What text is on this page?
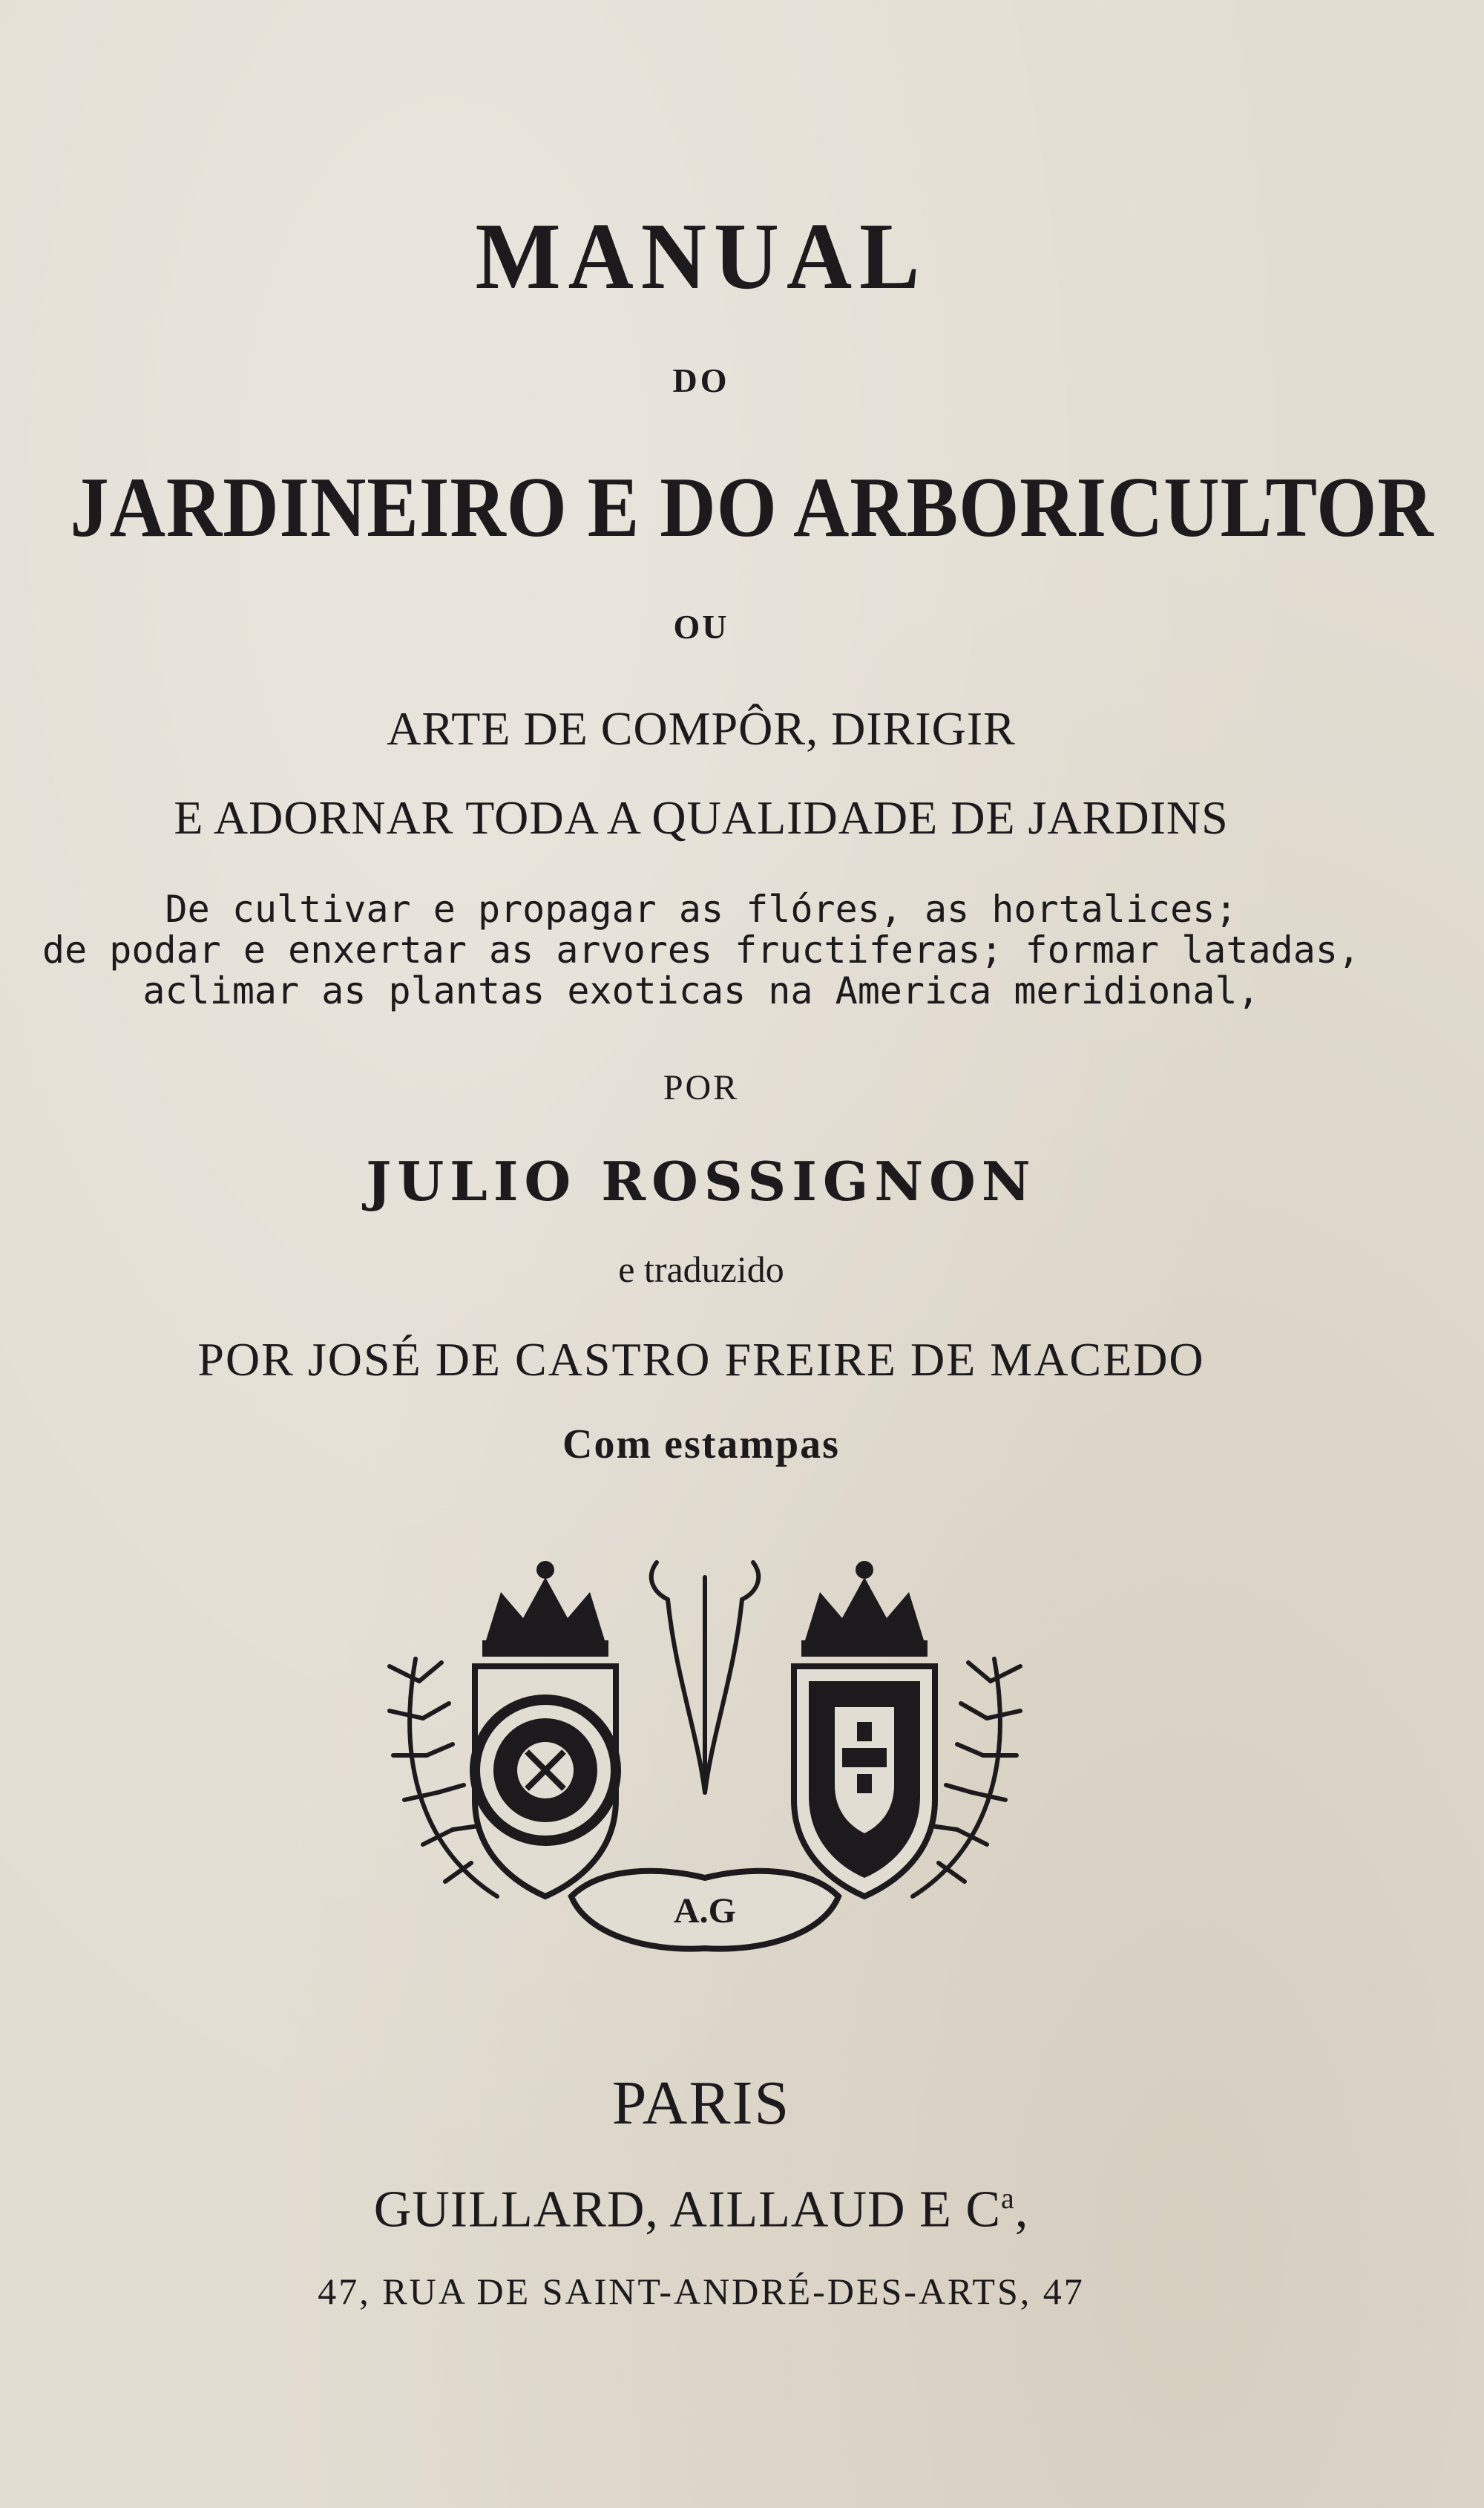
MANUAL
DO
JARDINEIRO E DO ARBORICULTOR
OU
ARTE DE COMPÔR, DIRIGIR
E ADORNAR TODA A QUALIDADE DE JARDINS
De cultivar e propagar as flóres, as hortalices;
de podar e enxertar as arvores fructiferas; formar latadas,
aclimar as plantas exoticas na America meridional,
POR
JULIO ROSSIGNON
e traduzido
POR JOSÉ DE CASTRO FREIRE DE MACEDO
Com estampas
A.G
PARIS
GUILLARD, AILLAUD E $C^a$,
47, RUA DE SAINT-ANDRÉ-DES-ARTS, 47
